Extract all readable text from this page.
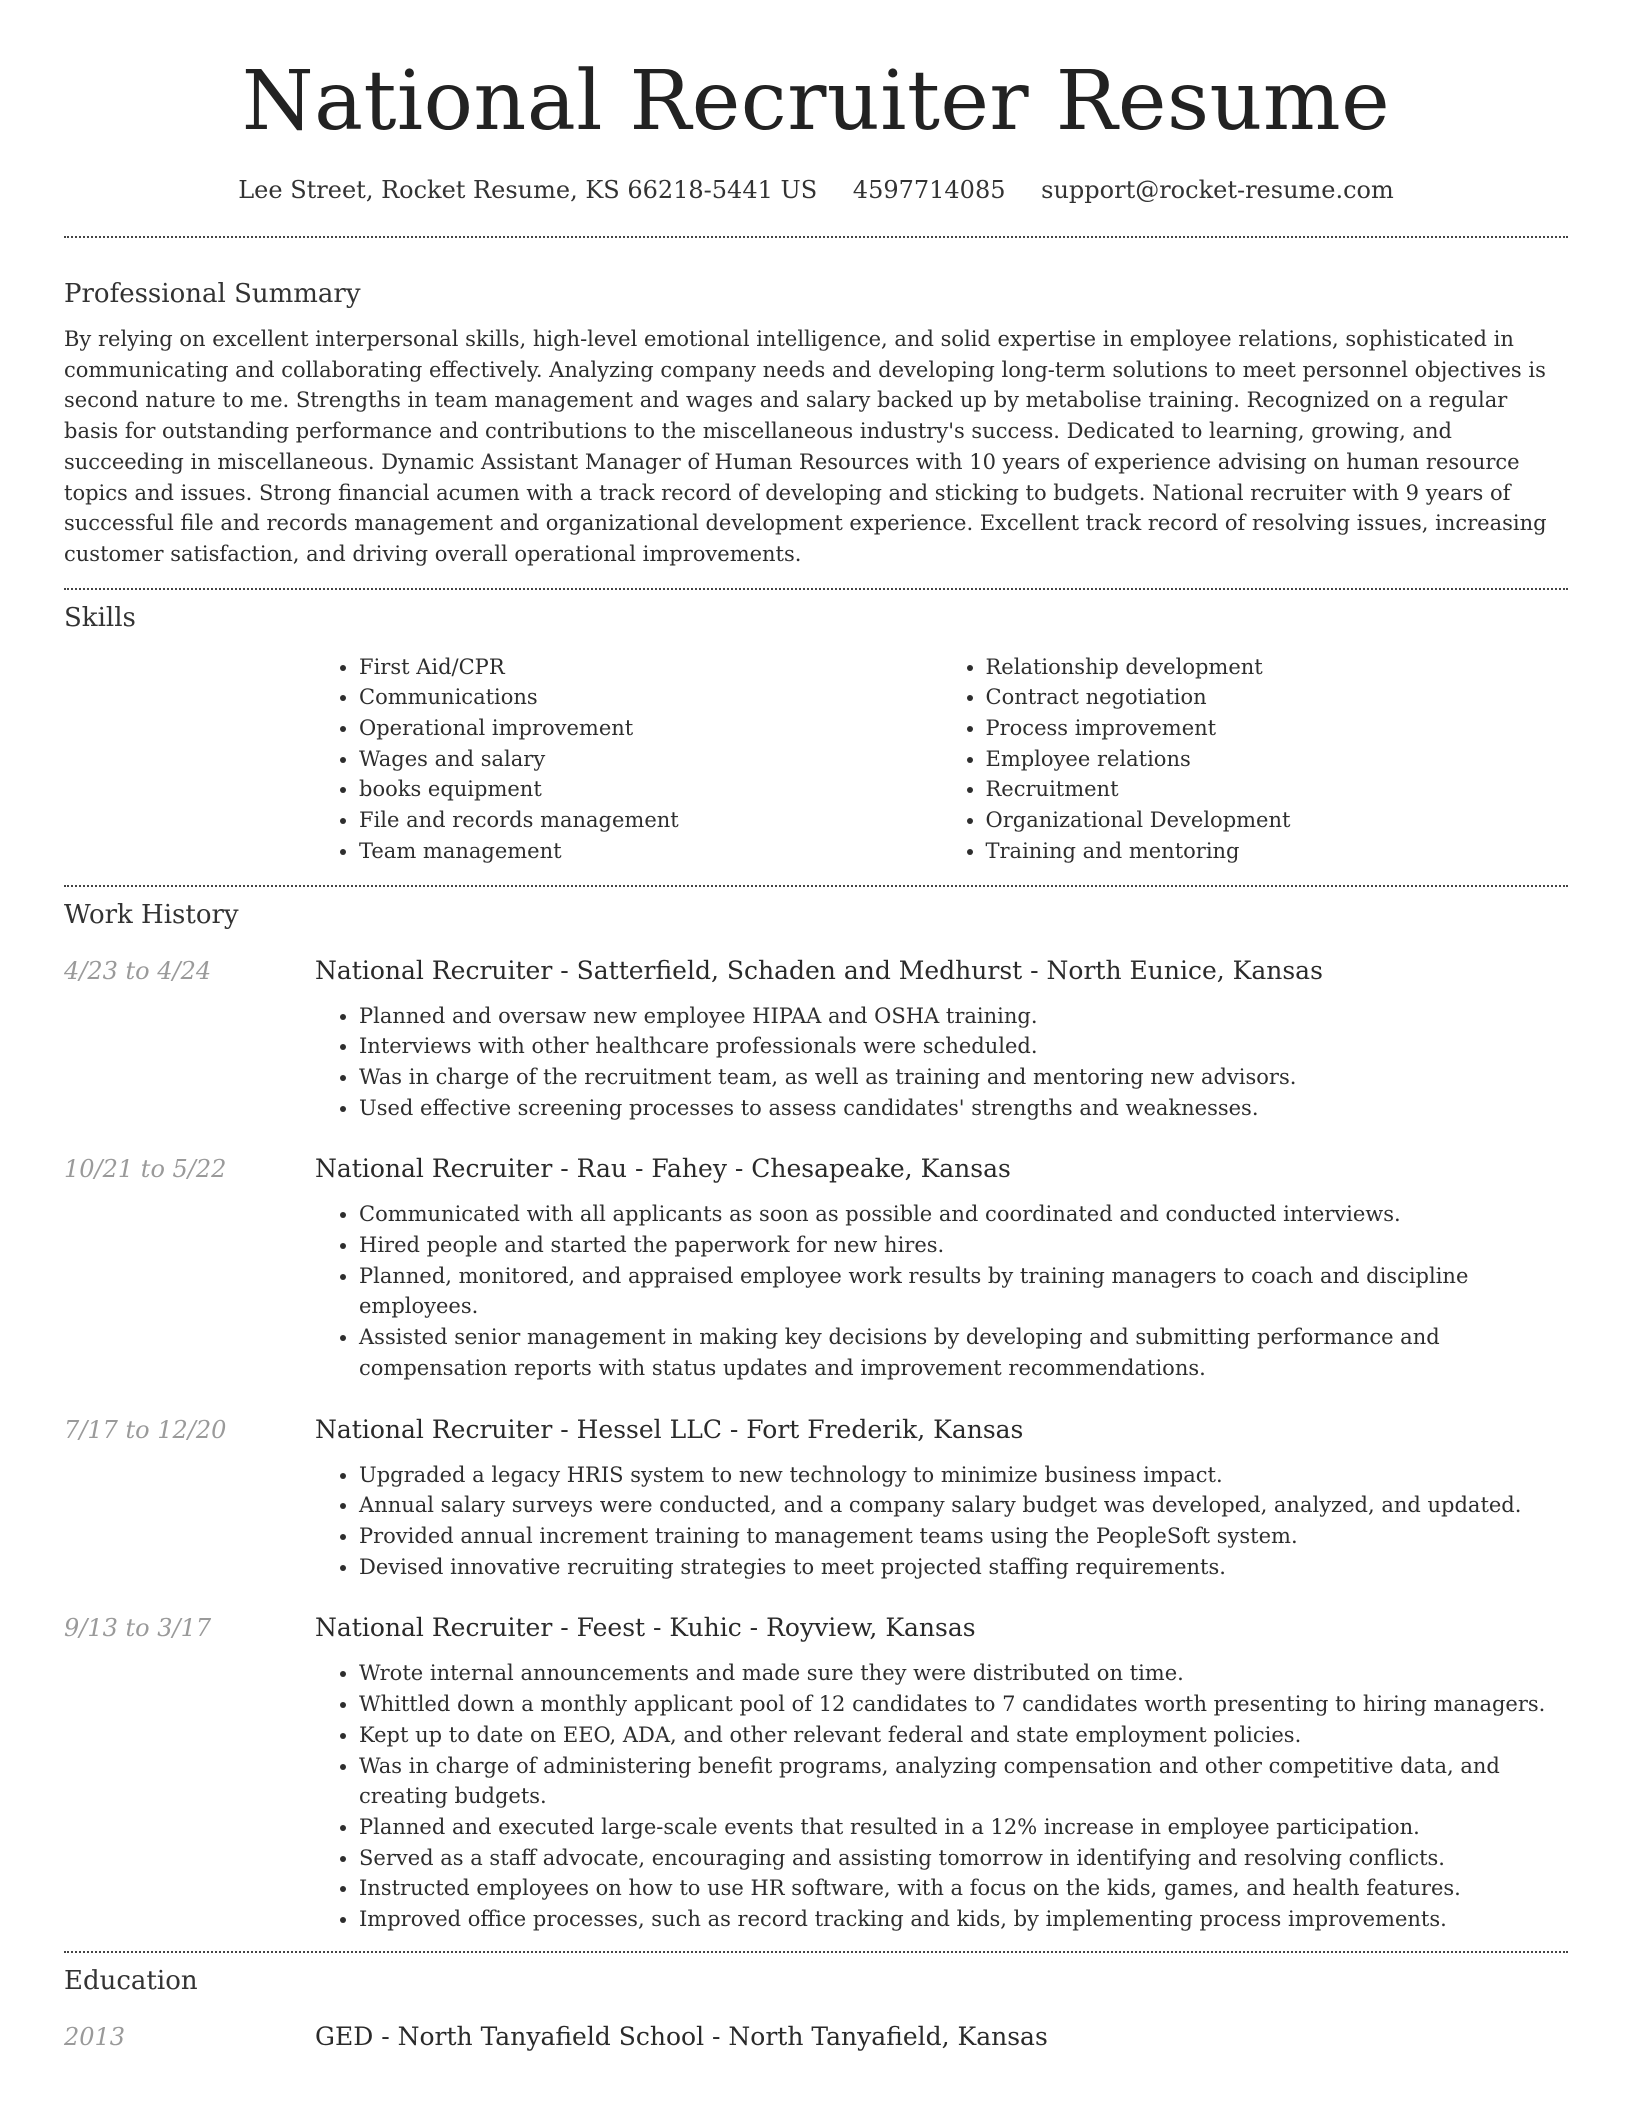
National Recruiter Resume
Lee Street, Rocket Resume, KS 66218-5441 US 4597714085 support@rocket-resume.com
Professional Summary

By relying on excellent interpersonal skills, high-level emotional intelligence, and solid expertise in employee relations, sophisticated in communicating and collaborating effectively. Analyzing company needs and developing long-term solutions to meet personnel objectives is second nature to me. Strengths in team management and wages and salary backed up by metabolise training. Recognized on a regular basis for outstanding performance and contributions to the miscellaneous industry's success. Dedicated to learning, growing, and succeeding in miscellaneous. Dynamic Assistant Manager of Human Resources with 10 years of experience advising on human resource topics and issues. Strong financial acumen with a track record of developing and sticking to budgets. National recruiter with 9 years of successful file and records management and organizational development experience. Excellent track record of resolving issues, increasing customer satisfaction, and driving overall operational improvements.

Skills
• First Aid/CPR
• Communications
• Operational improvement
• Wages and salary
• books equipment
• File and records management
• Team management
• Relationship development
• Contract negotiation
• Process improvement
• Employee relations
• Recruitment
• Organizational Development
• Training and mentoring
Work History
4/23 to 4/24	National Recruiter - Satterfield, Schaden and Medhurst - North Eunice, Kansas
• Planned and oversaw new employee HIPAA and OSHA training.
• Interviews with other healthcare professionals were scheduled.
• Was in charge of the recruitment team, as well as training and mentoring new advisors.
• Used effective screening processes to assess candidates' strengths and weaknesses.
10/21 to 5/22	National Recruiter - Rau - Fahey - Chesapeake, Kansas
• Communicated with all applicants as soon as possible and coordinated and conducted interviews.
• Hired people and started the paperwork for new hires.
• Planned, monitored, and appraised employee work results by training managers to coach and discipline employees.
• Assisted senior management in making key decisions by developing and submitting performance and compensation reports with status updates and improvement recommendations.
7/17 to 12/20	National Recruiter - Hessel LLC - Fort Frederik, Kansas
• Upgraded a legacy HRIS system to new technology to minimize business impact.
• Annual salary surveys were conducted, and a company salary budget was developed, analyzed, and updated.
• Provided annual increment training to management teams using the PeopleSoft system.
• Devised innovative recruiting strategies to meet projected staffing requirements.
9/13 to 3/17	National Recruiter - Feest - Kuhic - Royview, Kansas
• Wrote internal announcements and made sure they were distributed on time.
• Whittled down a monthly applicant pool of 12 candidates to 7 candidates worth presenting to hiring managers.
• Kept up to date on EEO, ADA, and other relevant federal and state employment policies.
• Was in charge of administering benefit programs, analyzing compensation and other competitive data, and creating budgets.
• Planned and executed large-scale events that resulted in a 12% increase in employee participation.
• Served as a staff advocate, encouraging and assisting tomorrow in identifying and resolving conflicts.
• Instructed employees on how to use HR software, with a focus on the kids, games, and health features.
• Improved office processes, such as record tracking and kids, by implementing process improvements.
Education
2013	GED - North Tanyafield School - North Tanyafield, Kansas
